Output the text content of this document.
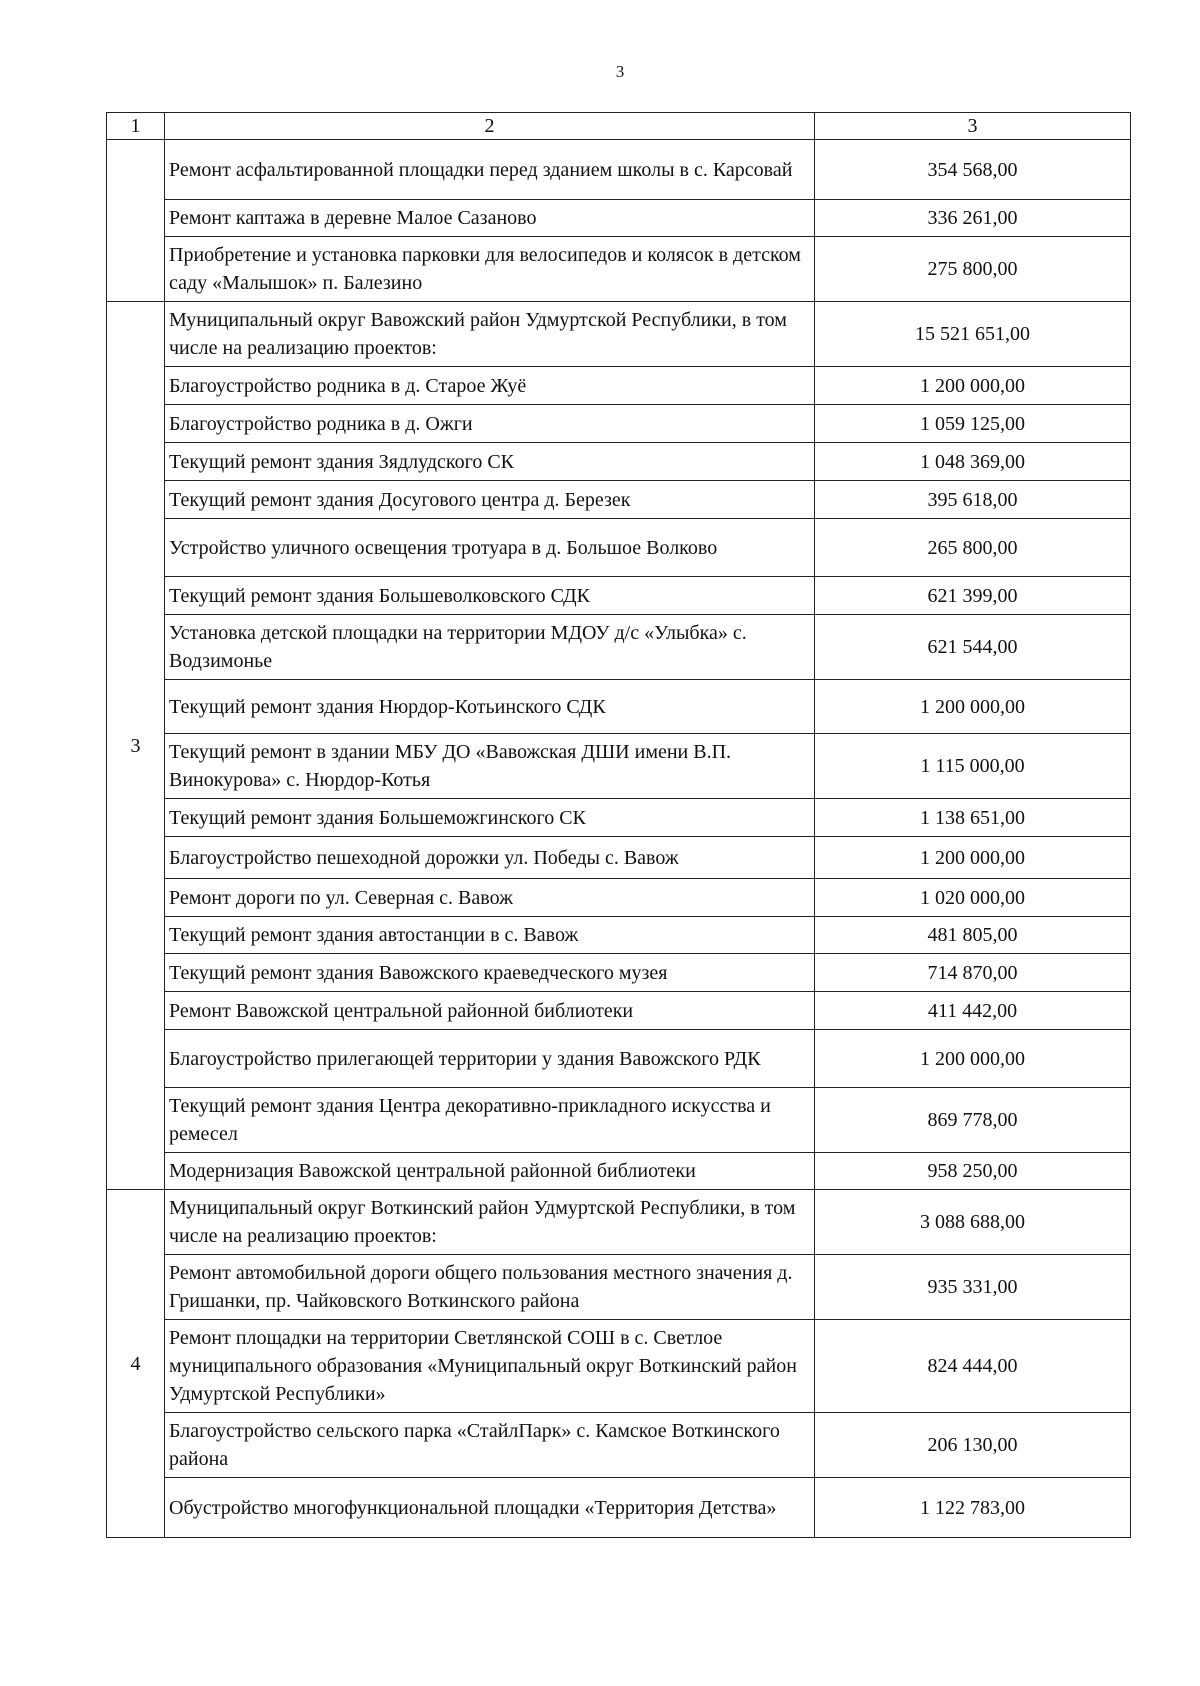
3
1	2	3
	Ремонт асфальтированной площадки перед зданием школы в с. Карсовай	354 568,00
	Ремонт каптажа в деревне Малое Сазаново	336 261,00
	Приобретение и установка парковки для велосипедов и колясок в детском саду «Малышок» п. Балезино	275 800,00
3	Муниципальный округ Вавожский район Удмуртской Республики, в том числе на реализацию проектов:	15 521 651,00
	Благоустройство родника в д. Старое Жуё	1 200 000,00
	Благоустройство родника в д. Ожги	1 059 125,00
	Текущий ремонт здания Зядлудского СК	1 048 369,00
	Текущий ремонт здания Досугового центра д. Березек	395 618,00
	Устройство уличного освещения тротуара в д. Большое Волково	265 800,00
	Текущий ремонт здания Большеволковского СДК	621 399,00
	Установка детской площадки на территории МДОУ д/с «Улыбка» с. Водзимонье	621 544,00
	Текущий ремонт здания Нюрдор-Котьинского СДК	1 200 000,00
	Текущий ремонт в здании МБУ ДО «Вавожская ДШИ имени В.П. Винокурова» с. Нюрдор-Котья	1 115 000,00
	Текущий ремонт здания Большеможгинского СК	1 138 651,00
	Благоустройство пешеходной дорожки ул. Победы с. Вавож	1 200 000,00
	Ремонт дороги по ул. Северная с. Вавож	1 020 000,00
	Текущий ремонт здания автостанции в с. Вавож	481 805,00
	Текущий ремонт здания Вавожского краеведческого музея	714 870,00
	Ремонт Вавожской центральной районной библиотеки	411 442,00
	Благоустройство прилегающей территории у здания Вавожского РДК	1 200 000,00
	Текущий ремонт здания Центра декоративно-прикладного искусства и ремесел	869 778,00
	Модернизация Вавожской центральной районной библиотеки	958 250,00
4	Муниципальный округ Воткинский район Удмуртской Республики, в том числе на реализацию проектов:	3 088 688,00
	Ремонт автомобильной дороги общего пользования местного значения д. Гришанки, пр. Чайковского Воткинского района	935 331,00
	Ремонт площадки на территории Светлянской СОШ в с. Светлое муниципального образования «Муниципальный округ Воткинский район Удмуртской Республики»	824 444,00
	Благоустройство сельского парка «СтайлПарк» с. Камское Воткинского района	206 130,00
	Обустройство многофункциональной площадки «Территория Детства»	1 122 783,00
